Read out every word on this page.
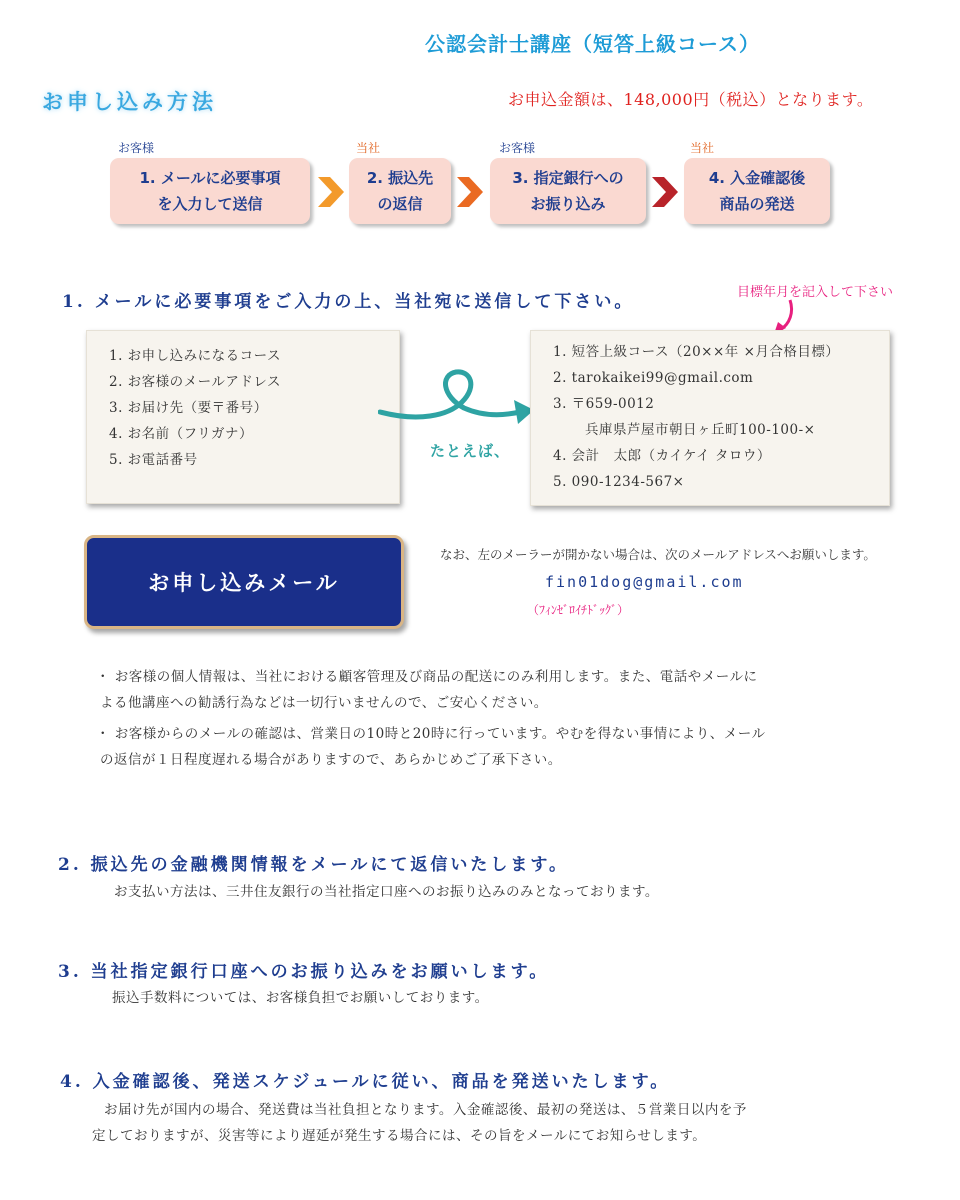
公認会計士講座（短答上級コース）
お申し込み方法	お申込金額は、148,000円（税込）となります。
お客様	当社	お客様	当社
1. メールに必要事項
を入力して送信
2. 振込先
の返信
3. 指定銀行への
お振り込み
4. 入金確認後
商品の発送
1. メールに必要事項をご入力の上、当社宛に送信して下さい。	目標年月を記入して下さい
1. お申し込みになるコース
2. お客様のメールアドレス
3. お届け先（要〒番号）
4. お名前（フリガナ）
5. お電話番号	たとえば、
1. 短答上級コース（20××年 ×月合格目標）
2. tarokaikei99@gmail.com
3. 〒659-0012
兵庫県芦屋市朝日ヶ丘町100-100-×
4. 会計　太郎（カイケイ タロウ）
5. 090-1234-567×
お申し込みメール
なお、左のメーラーが開かない場合は、次のメールアドレスへお願いします。
fin01dog@gmail.com
（ﾌｨﾝｾﾞﾛｲﾁﾄﾞｯｸﾞ）
・ お客様の個人情報は、当社における顧客管理及び商品の配送にのみ利用します。また、電話やメールに
よる他講座への勧誘行為などは一切行いませんので、ご安心ください。
・ お客様からのメールの確認は、営業日の10時と20時に行っています。やむを得ない事情により、メール
の返信が１日程度遅れる場合がありますので、あらかじめご了承下さい。
2. 振込先の金融機関情報をメールにて返信いたします。
お支払い方法は、三井住友銀行の当社指定口座へのお振り込みのみとなっております。
3. 当社指定銀行口座へのお振り込みをお願いします。
振込手数料については、お客様負担でお願いしております。
4. 入金確認後、発送スケジュールに従い、商品を発送いたします。
お届け先が国内の場合、発送費は当社負担となります。入金確認後、最初の発送は、５営業日以内を予
定しておりますが、災害等により遅延が発生する場合には、その旨をメールにてお知らせします。
